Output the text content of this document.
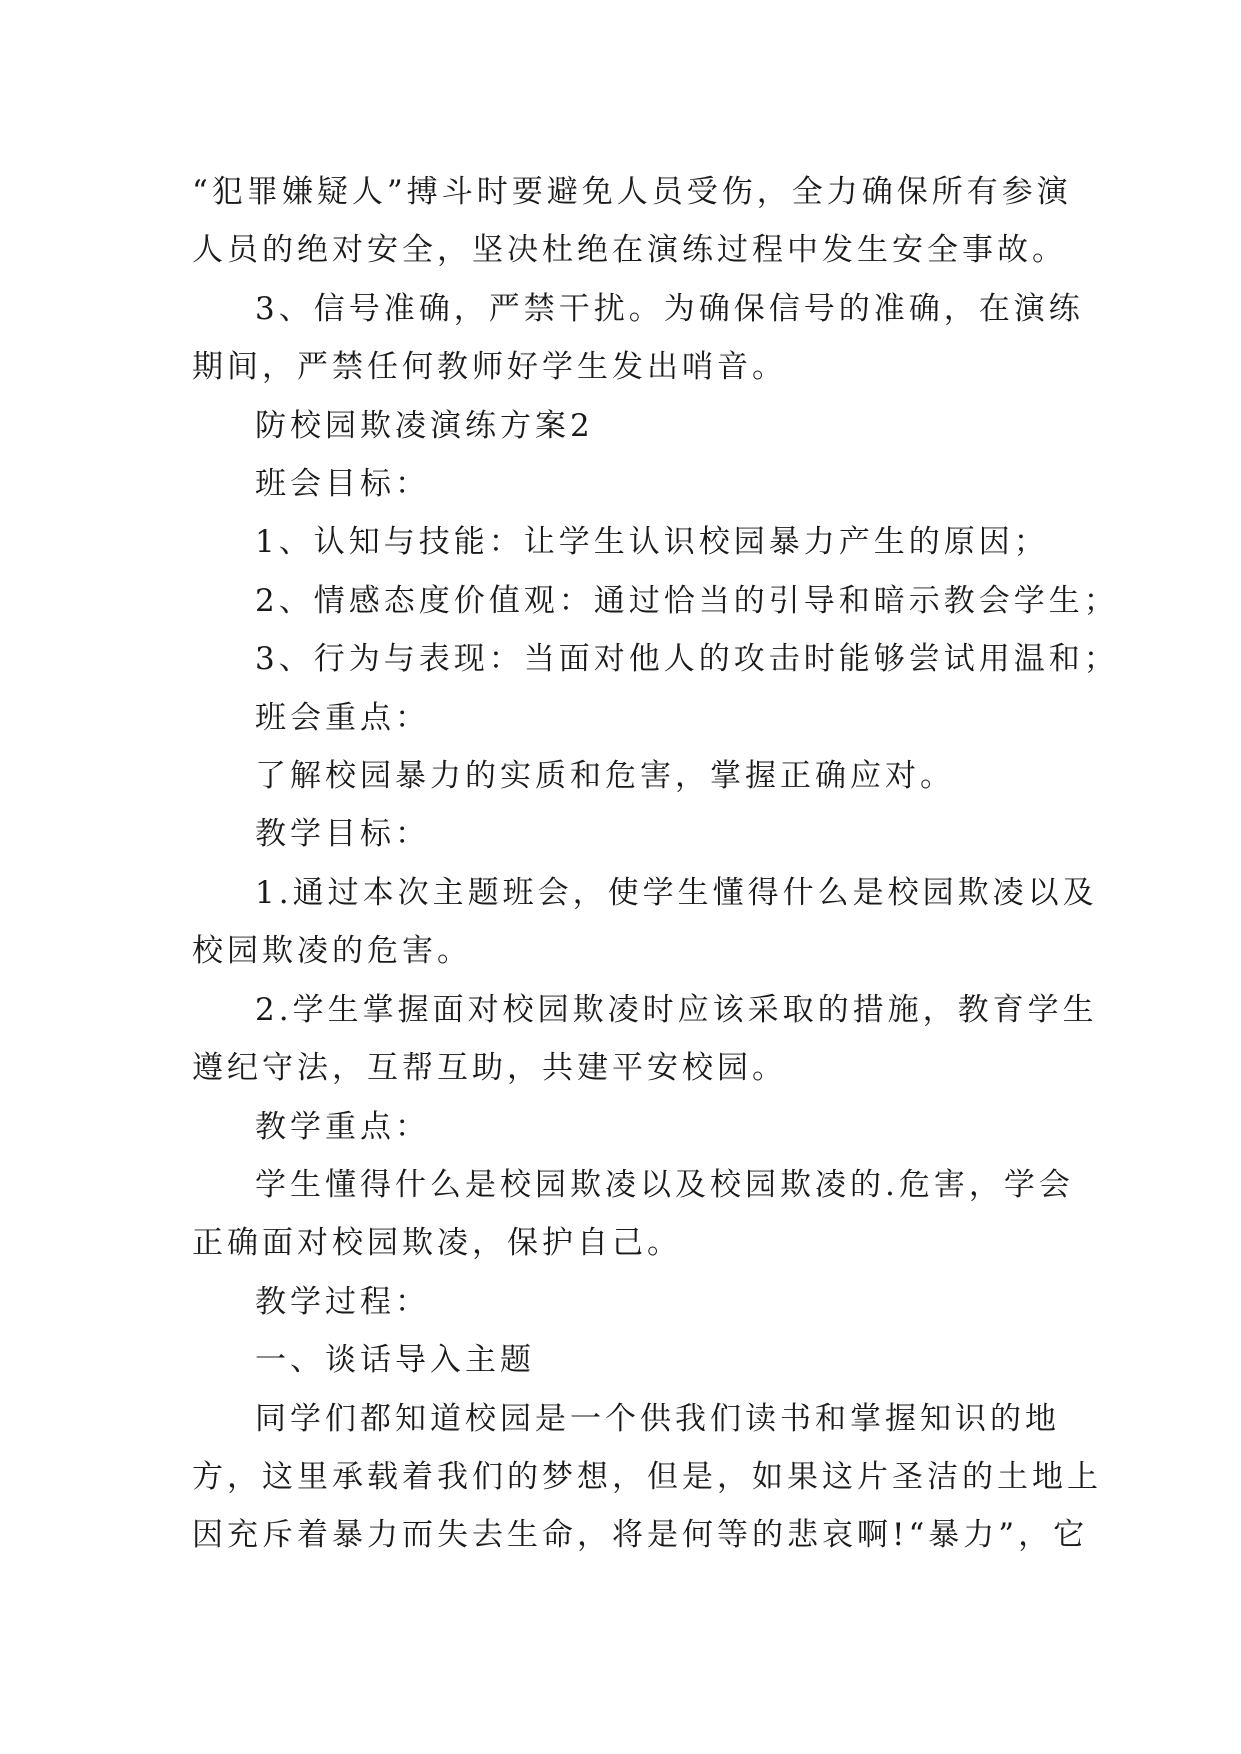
“犯罪嫌疑人”搏斗时要避免人员受伤，全力确保所有参演

人员的绝对安全，坚决杜绝在演练过程中发生安全事故。

3、信号准确，严禁干扰。为确保信号的准确，在演练

期间，严禁任何教师好学生发出哨音。

防校园欺凌演练方案2

班会目标：

1、认知与技能：让学生认识校园暴力产生的原因；

2、情感态度价值观：通过恰当的引导和暗示教会学生；

3、行为与表现：当面对他人的攻击时能够尝试用温和；

班会重点：

了解校园暴力的实质和危害，掌握正确应对。

教学目标：

1.通过本次主题班会，使学生懂得什么是校园欺凌以及

校园欺凌的危害。

2.学生掌握面对校园欺凌时应该采取的措施，教育学生

遵纪守法，互帮互助，共建平安校园。

教学重点：

学生懂得什么是校园欺凌以及校园欺凌的.危害，学会

正确面对校园欺凌，保护自己。

教学过程：

一、谈话导入主题

同学们都知道校园是一个供我们读书和掌握知识的地

方，这里承载着我们的梦想，但是，如果这片圣洁的土地上

因充斥着暴力而失去生命，将是何等的悲哀啊!“暴力”，它
